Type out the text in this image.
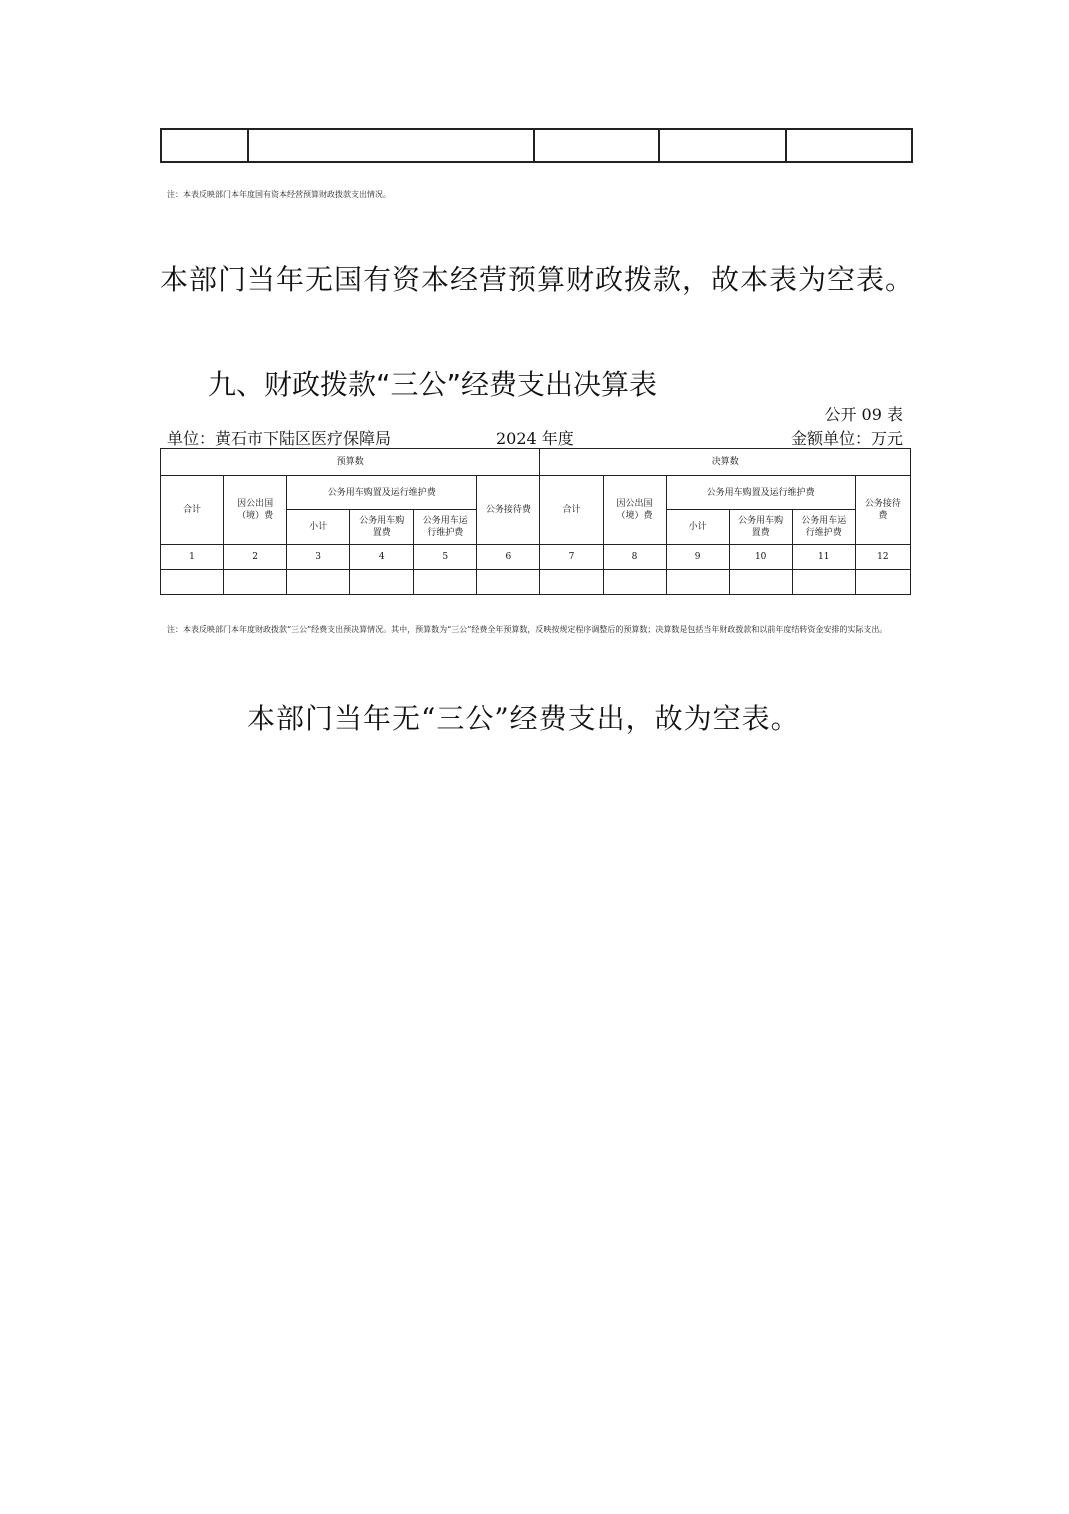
注：本表反映部门本年度国有资本经营预算财政拨款支出情况。
本部门当年无国有资本经营预算财政拨款，故本表为空表。
九、财政拨款“三公”经费支出决算表
公开 09 表
单位：黄石市下陆区医疗保障局	2024 年度	金额单位：万元
预算数						决算数					
合计	因公出国（境）费	公务用车购置及运行维护费			公务接待费	合计	因公出国（境）费	公务用车购置及运行维护费			公务接待费
		小计	公务用车购置费	公务用车运行维护费				小计	公务用车购置费	公务用车运行维护费	
1	2	3	4	5	6	7	8	9	10	11	12

注：本表反映部门本年度财政拨款“三公”经费支出预决算情况。其中，预算数为“三公”经费全年预算数，反映按规定程序调整后的预算数；决算数是包括当年财政拨款和以前年度结转资金安排的实际支出。
本部门当年无“三公”经费支出，故为空表。
